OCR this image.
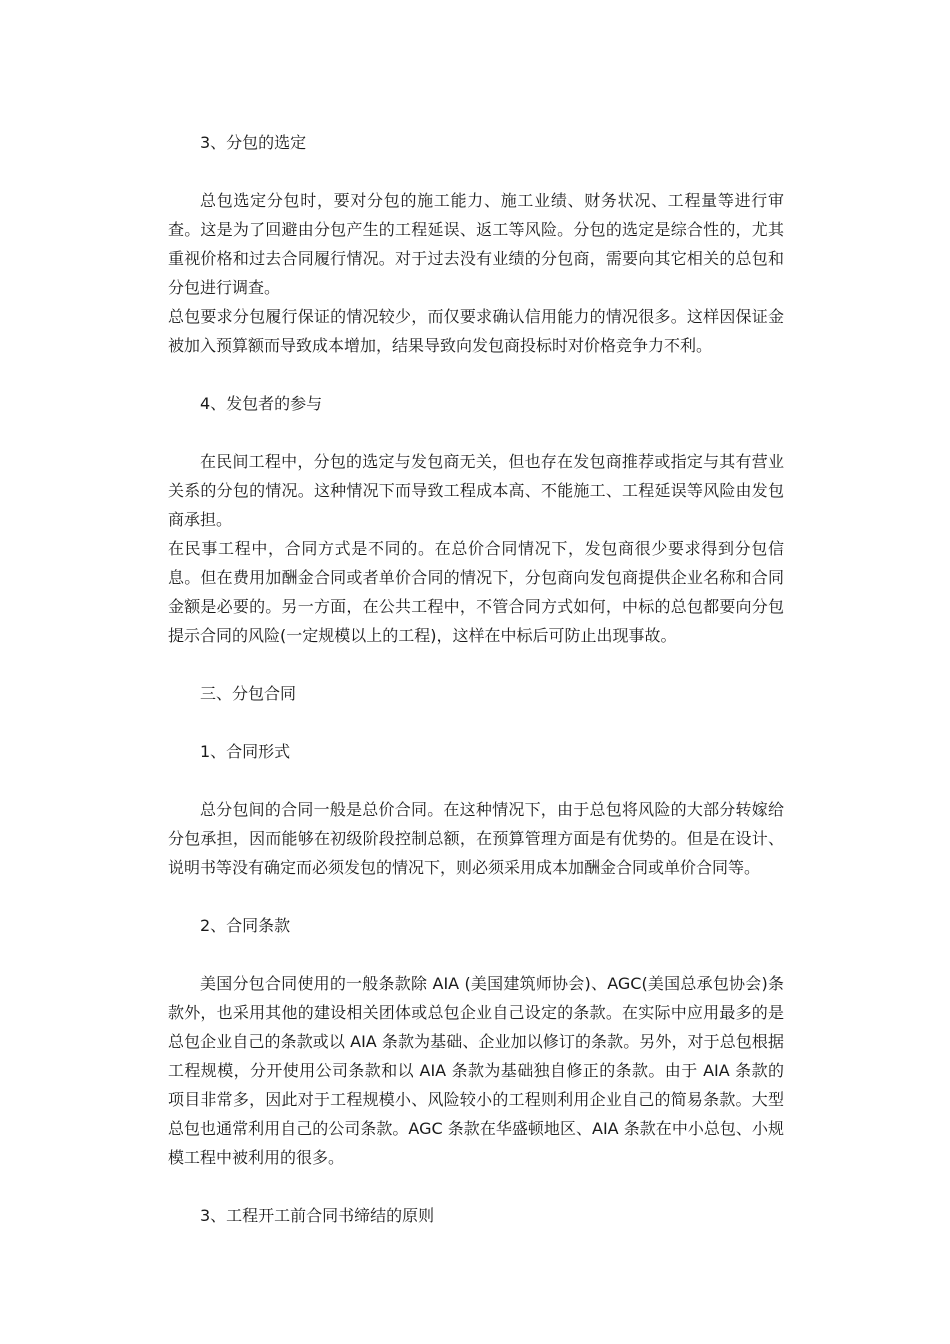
3、分包的选定

总包选定分包时，要对分包的施工能力、施工业绩、财务状况、工程量等进行审查。这是为了回避由分包产生的工程延误、返工等风险。分包的选定是综合性的，尤其重视价格和过去合同履行情况。对于过去没有业绩的分包商，需要向其它相关的总包和分包进行调查。

总包要求分包履行保证的情况较少，而仅要求确认信用能力的情况很多。这样因保证金被加入预算额而导致成本增加，结果导致向发包商投标时对价格竞争力不利。

4、发包者的参与

在民间工程中，分包的选定与发包商无关，但也存在发包商推荐或指定与其有营业关系的分包的情况。这种情况下而导致工程成本高、不能施工、工程延误等风险由发包商承担。

在民事工程中，合同方式是不同的。在总价合同情况下，发包商很少要求得到分包信息。但在费用加酬金合同或者单价合同的情况下，分包商向发包商提供企业名称和合同金额是必要的。另一方面，在公共工程中，不管合同方式如何，中标的总包都要向分包提示合同的风险(一定规模以上的工程)，这样在中标后可防止出现事故。

三、分包合同

1、合同形式

总分包间的合同一般是总价合同。在这种情况下，由于总包将风险的大部分转嫁给分包承担，因而能够在初级阶段控制总额，在预算管理方面是有优势的。但是在设计、说明书等没有确定而必须发包的情况下，则必须采用成本加酬金合同或单价合同等。

2、合同条款

美国分包合同使用的一般条款除 AIA (美国建筑师协会)、AGC(美国总承包协会)条款外，也采用其他的建设相关团体或总包企业自己设定的条款。在实际中应用最多的是总包企业自己的条款或以 AIA 条款为基础、企业加以修订的条款。另外，对于总包根据工程规模，分开使用公司条款和以 AIA 条款为基础独自修正的条款。由于 AIA 条款的项目非常多，因此对于工程规模小、风险较小的工程则利用企业自己的简易条款。大型总包也通常利用自己的公司条款。AGC 条款在华盛顿地区、AIA 条款在中小总包、小规模工程中被利用的很多。

3、工程开工前合同书缔结的原则
